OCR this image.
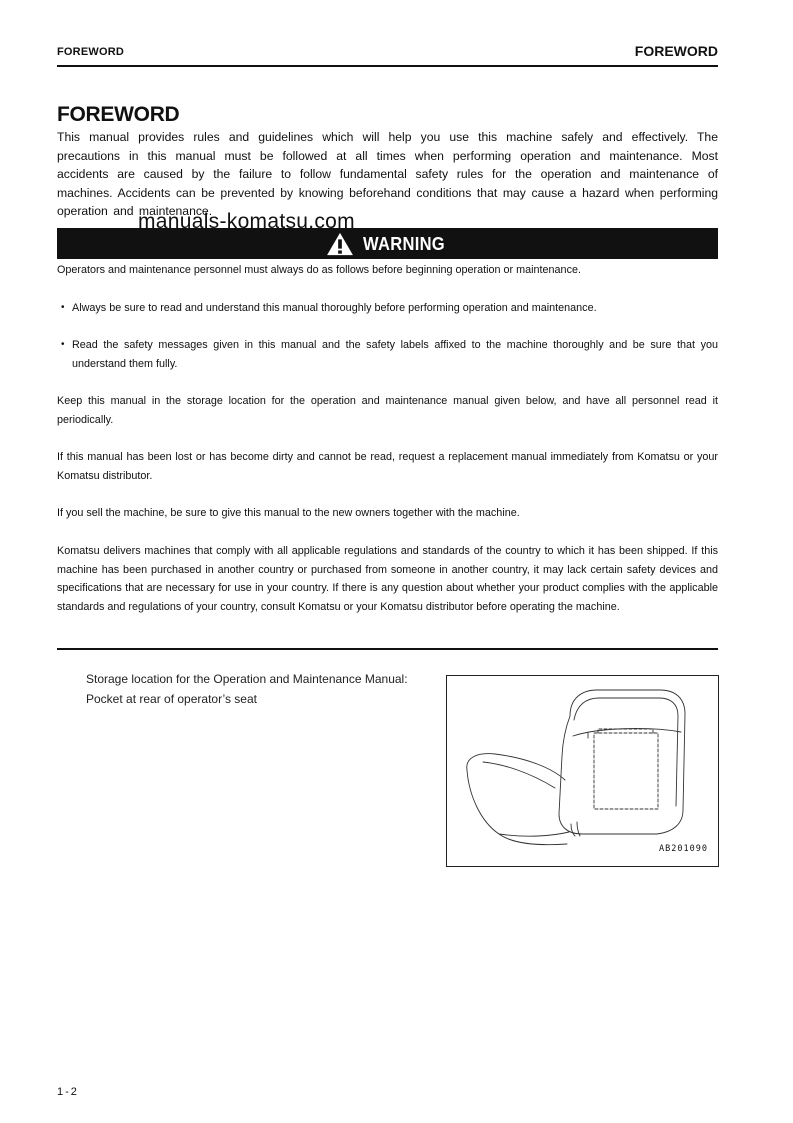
FOREWORD	FOREWORD
FOREWORD
This manual provides rules and guidelines which will help you use this machine safely and effectively. The precautions in this manual must be followed at all times when performing operation and maintenance. Most accidents are caused by the failure to follow fundamental safety rules for the operation and maintenance of machines. Accidents can be prevented by knowing beforehand conditions that may cause a hazard when performing operation and maintenance.
WARNING
manuals-komatsu.com
Operators and maintenance personnel must always do as follows before beginning operation or maintenance.
• Always be sure to read and understand this manual thoroughly before performing operation and maintenance.
• Read the safety messages given in this manual and the safety labels affixed to the machine thoroughly and be sure that you understand them fully.
Keep this manual in the storage location for the operation and maintenance manual given below, and have all personnel read it periodically.
If this manual has been lost or has become dirty and cannot be read, request a replacement manual immediately from Komatsu or your Komatsu distributor.
If you sell the machine, be sure to give this manual to the new owners together with the machine.
Komatsu delivers machines that comply with all applicable regulations and standards of the country to which it has been shipped. If this machine has been purchased in another country or purchased from someone in another country, it may lack certain safety devices and specifications that are necessary for use in your country. If there is any question about whether your product complies with the applicable standards and regulations of your country, consult Komatsu or your Komatsu distributor before operating the machine.
Storage location for the Operation and Maintenance Manual:
Pocket at rear of operator’s seat
AB201090
1-2
